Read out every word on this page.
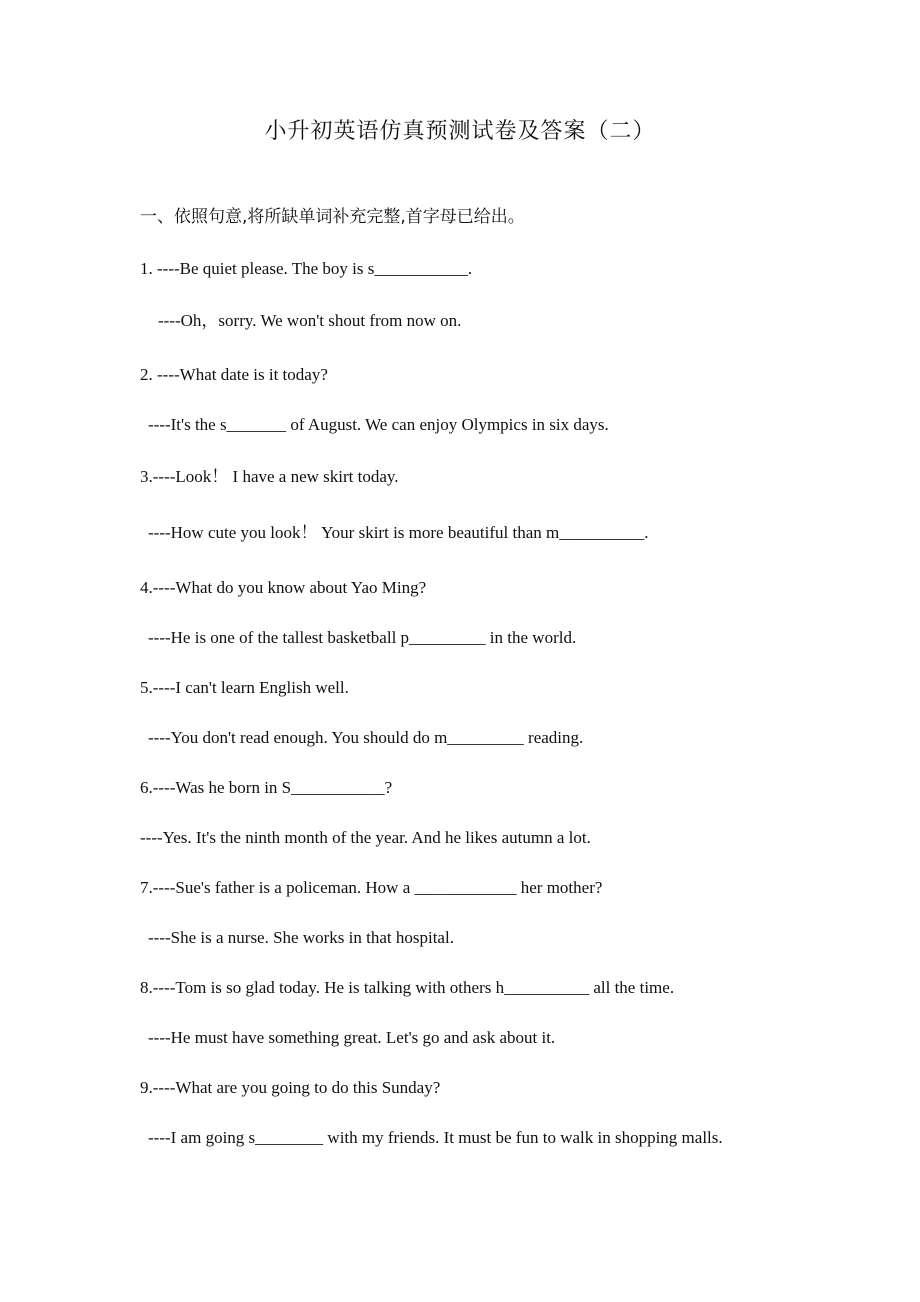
小升初英语仿真预测试卷及答案（二）
一、依照句意,将所缺单词补充完整,首字母已给出。
1. ----Be quiet please. The boy is s___________.
----Oh，sorry. We won't shout from now on.
2. ----What date is it today?
----It's the s_______ of August. We can enjoy Olympics in six days.
3.----Look！ I have a new skirt today.
----How cute you look！ Your skirt is more beautiful than m__________.
4.----What do you know about Yao Ming?
----He is one of the tallest basketball p_________ in the world.
5.----I can't learn English well.
----You don't read enough. You should do m_________ reading.
6.----Was he born in S___________?
----Yes. It's the ninth month of the year. And he likes autumn a lot.
7.----Sue's father is a policeman. How a ____________ her mother?
----She is a nurse. She works in that hospital.
8.----Tom is so glad today. He is talking with others h__________ all the time.
----He must have something great. Let's go and ask about it.
9.----What are you going to do this Sunday?
----I am going s________ with my friends. It must be fun to walk in shopping malls.
